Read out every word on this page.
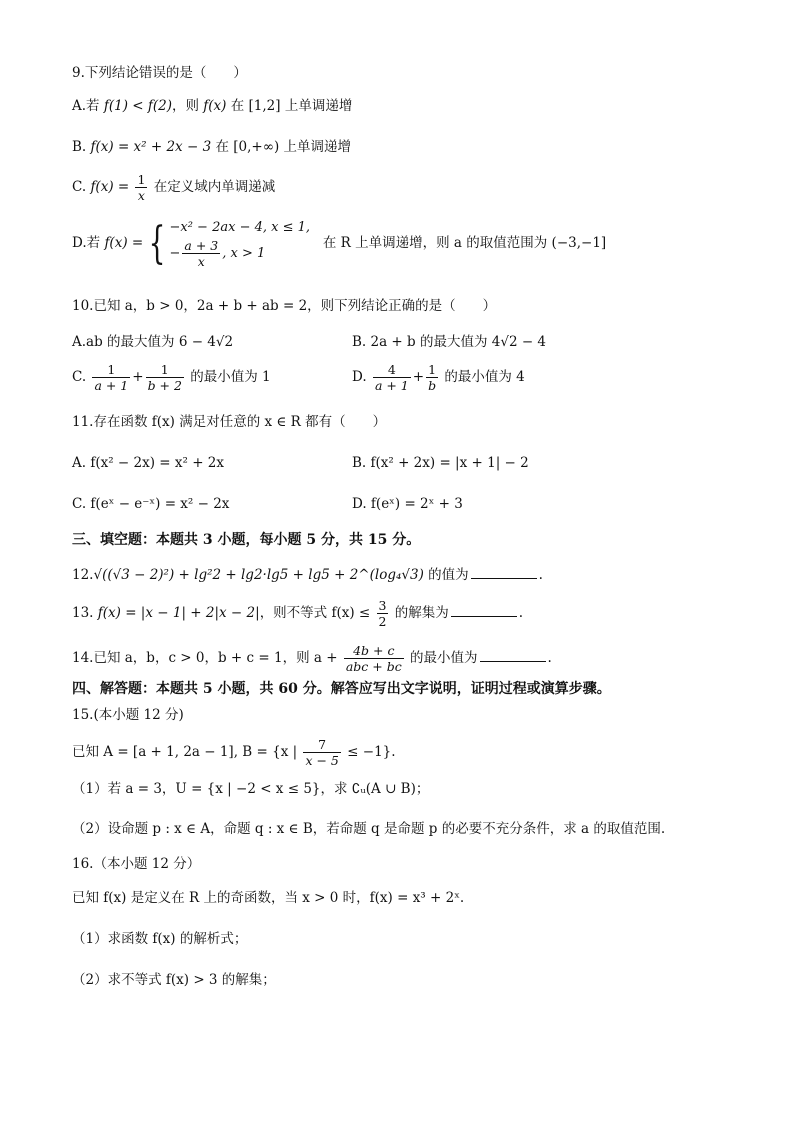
9.下列结论错误的是（　　）
A.若 f(1) < f(2)，则 f(x) 在 [1,2] 上单调递增
B. f(x) = x² + 2x − 3 在 [0,+∞) 上单调递增
C. $f(x) = \frac{1}{x}$ 在定义域内单调递减
D.若 f(x) = { −x² − 2ax − 4, x ≤ 1,
− $\frac{a + 3}{x}$ , x > 1
在 R 上单调递增，则 a 的取值范围为 (−3,−1]
10.已知 a，b > 0，2a + b + ab = 2，则下列结论正确的是（　　）
A.ab 的最大值为 6 − 4√2	B. 2a + b 的最大值为 4√2 − 4
C. $\frac{1}{a + 1} + \frac{1}{b + 2}$ 的最小值为 1	D. $\frac{4}{a + 1} + \frac{1}{b}$ 的最小值为 4
11.存在函数 f(x) 满足对任意的 x ∈ R 都有（　　）
A. f(x² − 2x) = x² + 2x	B. f(x² + 2x) = |x + 1| − 2
C. f(eˣ − e⁻ˣ) = x² − 2x	D. f(eˣ) = 2ˣ + 3
三、填空题：本题共 3 小题，每小题 5 分，共 15 分。
12.√((√3 − 2)²) + lg²2 + lg2·lg5 + lg5 + 2^(log₄√3) 的值为	.
13. f(x) = |x − 1| + 2|x − 2|，则不等式 $f(x) \le \frac{3}{2}$ 的解集为	.
14.已知 a，b，c > 0，b + c = 1，则 $a + \frac{4b + c}{\text{abc + bc}}$ 的最小值为	.
四、解答题：本题共 5 小题，共 60 分。解答应写出文字说明，证明过程或演算步骤。
15.(本小题 12 分)
已知 A = [a + 1, 2a − 1], B = {x | $\frac{7}{x - 5} \le -1$}.
（1）若 a = 3，U = {x | −2 < x ≤ 5}，求 ∁ᵤ(A ∪ B)；
（2）设命题 p : x ∈ A，命题 q : x ∈ B，若命题 q 是命题 p 的必要不充分条件，求 a 的取值范围.
16.（本小题 12 分）
已知 f(x) 是定义在 R 上的奇函数，当 x > 0 时，f(x) = x³ + 2ˣ.
（1）求函数 f(x) 的解析式；
（2）求不等式 f(x) > 3 的解集；
